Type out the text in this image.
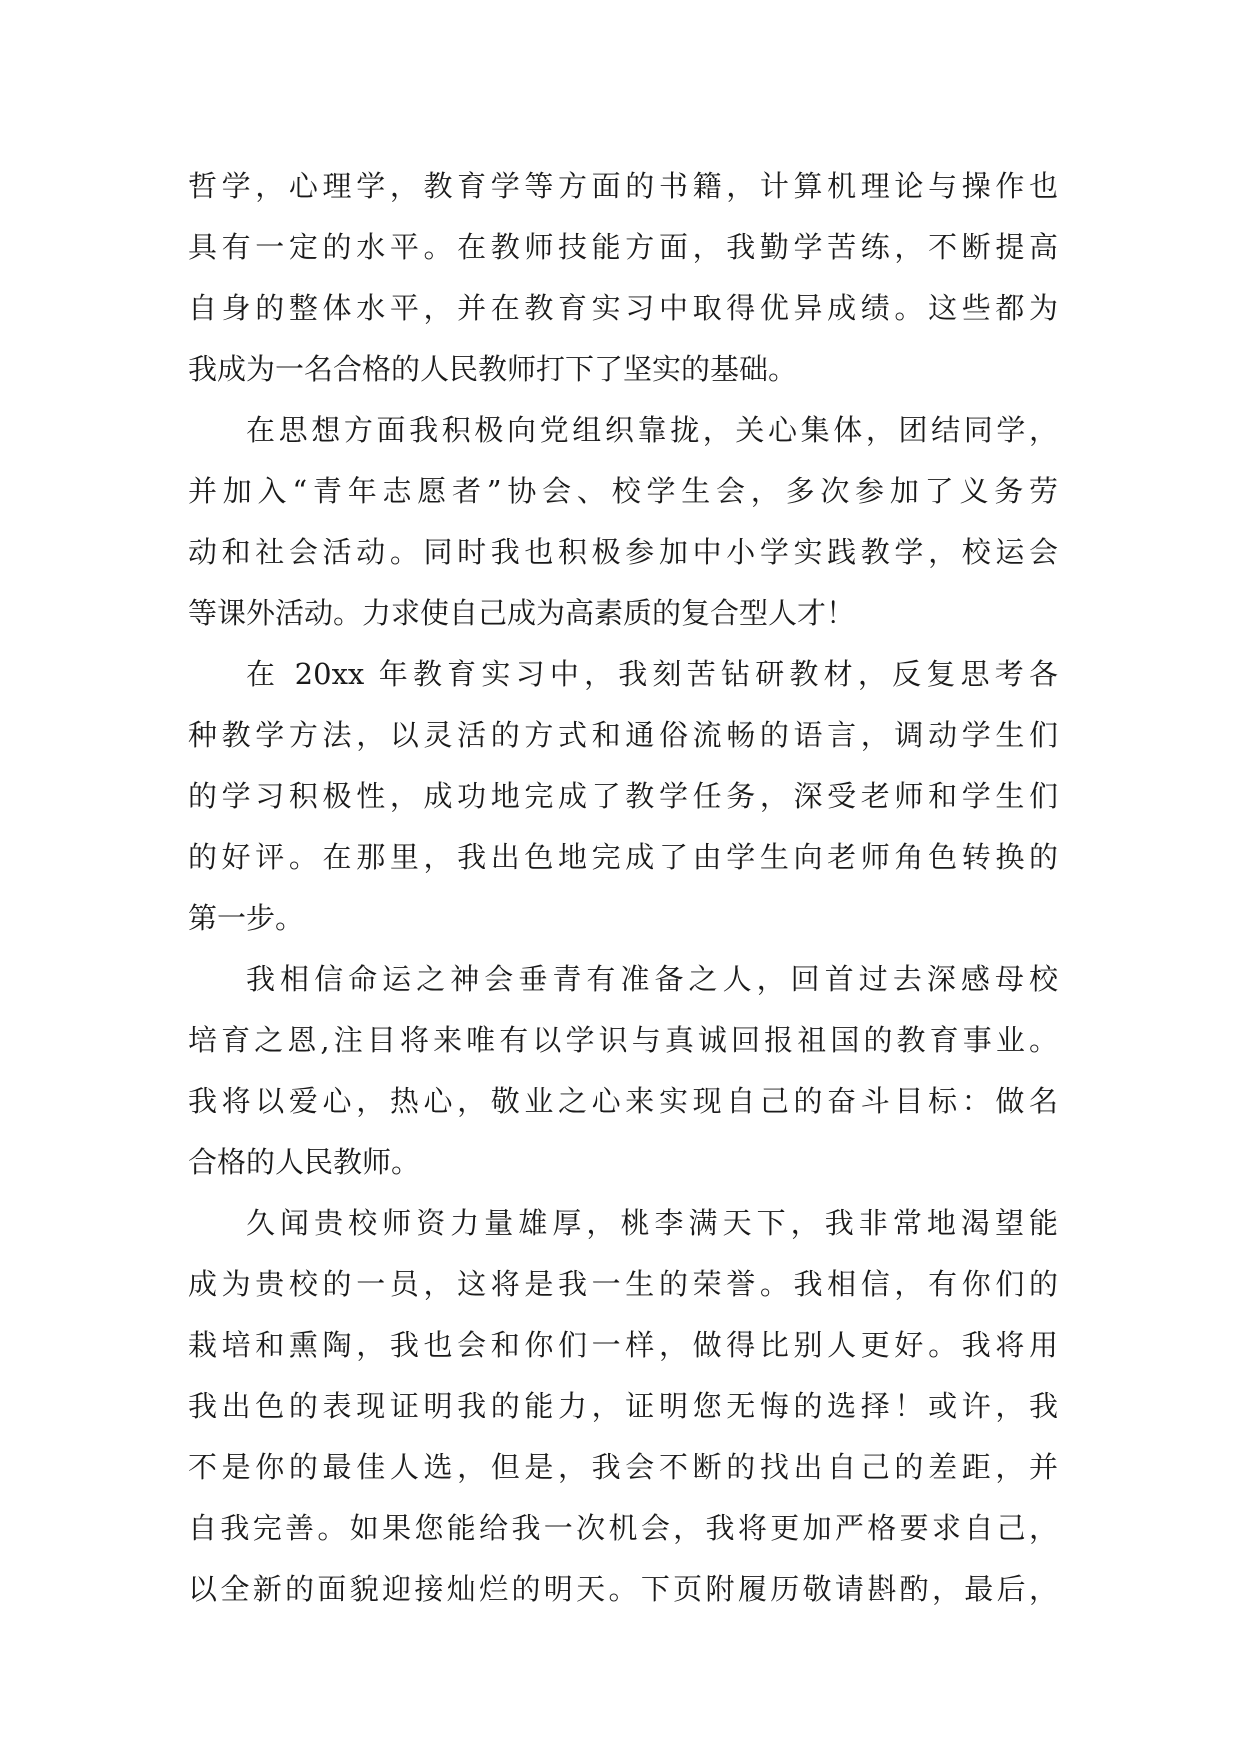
哲学，心理学，教育学等方面的书籍，计算机理论与操作也
具有一定的水平。在教师技能方面，我勤学苦练，不断提高
自身的整体水平，并在教育实习中取得优异成绩。这些都为
我成为一名合格的人民教师打下了坚实的基础。
在思想方面我积极向党组织靠拢，关心集体，团结同学，
并加入“青年志愿者”协会、校学生会，多次参加了义务劳
动和社会活动。同时我也积极参加中小学实践教学，校运会
等课外活动。力求使自己成为高素质的复合型人才！
在 20xx 年教育实习中，我刻苦钻研教材，反复思考各
种教学方法，以灵活的方式和通俗流畅的语言，调动学生们
的学习积极性，成功地完成了教学任务，深受老师和学生们
的好评。在那里，我出色地完成了由学生向老师角色转换的
第一步。
我相信命运之神会垂青有准备之人，回首过去深感母校
培育之恩,注目将来唯有以学识与真诚回报祖国的教育事业。
我将以爱心，热心，敬业之心来实现自己的奋斗目标：做名
合格的人民教师。
久闻贵校师资力量雄厚，桃李满天下，我非常地渴望能
成为贵校的一员，这将是我一生的荣誉。我相信，有你们的
栽培和熏陶，我也会和你们一样，做得比别人更好。我将用
我出色的表现证明我的能力，证明您无悔的选择！或许，我
不是你的最佳人选，但是，我会不断的找出自己的差距，并
自我完善。如果您能给我一次机会，我将更加严格要求自己，
以全新的面貌迎接灿烂的明天。下页附履历敬请斟酌，最后，
